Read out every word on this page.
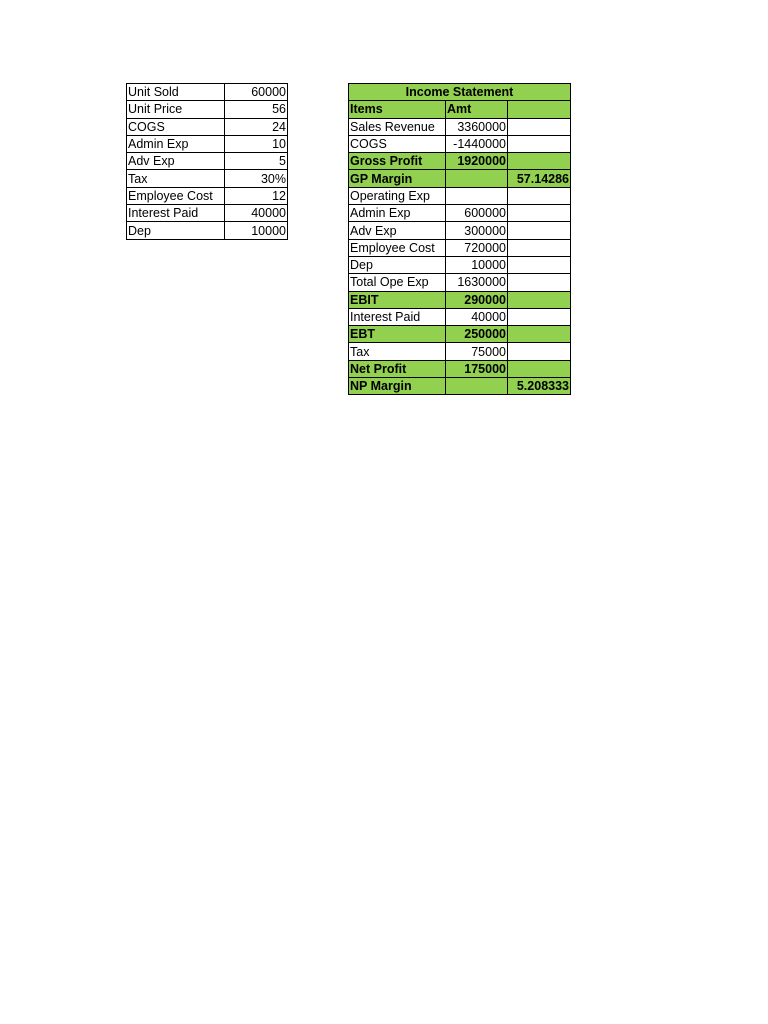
Unit Sold	60000
Unit Price	56
COGS	24
Admin Exp	10
Adv Exp	5
Tax	30%
Employee Cost	12
Interest Paid	40000
Dep	10000
Income Statement		
Items	Amt	
Sales Revenue	3360000	
COGS	-1440000	
Gross Profit	1920000	
GP Margin		57.14286
Operating Exp		
Admin Exp	600000	
Adv Exp	300000	
Employee Cost	720000	
Dep	10000	
Total Ope Exp	1630000	
EBIT	290000	
Interest Paid	40000	
EBT	250000	
Tax	75000	
Net Profit	175000	
NP Margin		5.208333
